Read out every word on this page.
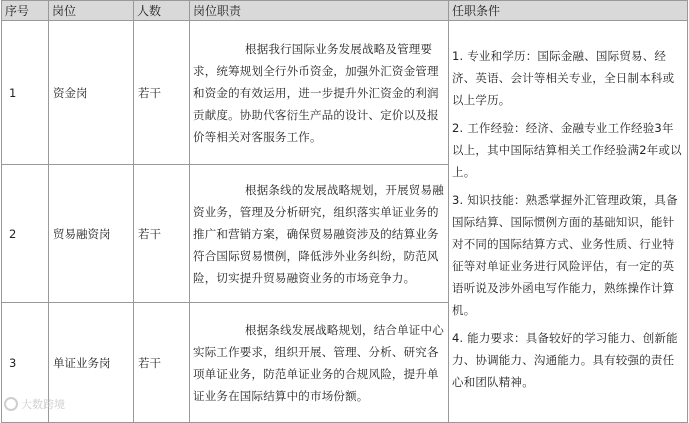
序号	岗位	人数	岗位职责	任职条件
1	资金岗	若干	根据我行国际业务发展战略及管理要求，统筹规划全行外币资金，加强外汇资金管理和资金的有效运用，进一步提升外汇资金的利润贡献度。协助代客衍生产品的设计、定价以及报价等相关对客服务工作。	1. 专业和学历：国际金融、国际贸易、经济、英语、会计等相关专业，全日制本科或以上学历。

2. 工作经验：经济、金融专业工作经验3年以上，其中国际结算相关工作经验满2年或以上。

3. 知识技能：熟悉掌握外汇管理政策，具备国际结算、国际惯例方面的基础知识，能针对不同的国际结算方式、业务性质、行业特征等对单证业务进行风险评估，有一定的英语听说及涉外函电写作能力，熟练操作计算机。

4. 能力要求：具备较好的学习能力、创新能力、协调能力、沟通能力。具有较强的责任心和团队精神。

2	贸易融资岗	若干	根据条线的发展战略规划，开展贸易融资业务，管理及分析研究，组织落实单证业务的推广和营销方案，确保贸易融资涉及的结算业务符合国际贸易惯例，降低涉外业务纠纷，防范风险，切实提升贸易融资业务的市场竞争力。	
3	单证业务岗	若干	根据条线发展战略规划，结合单证中心实际工作要求，组织开展、管理、分析、研究各项单证业务，防范单证业务的合规风险，提升单证业务在国际结算中的市场份额。	
大数跨境
